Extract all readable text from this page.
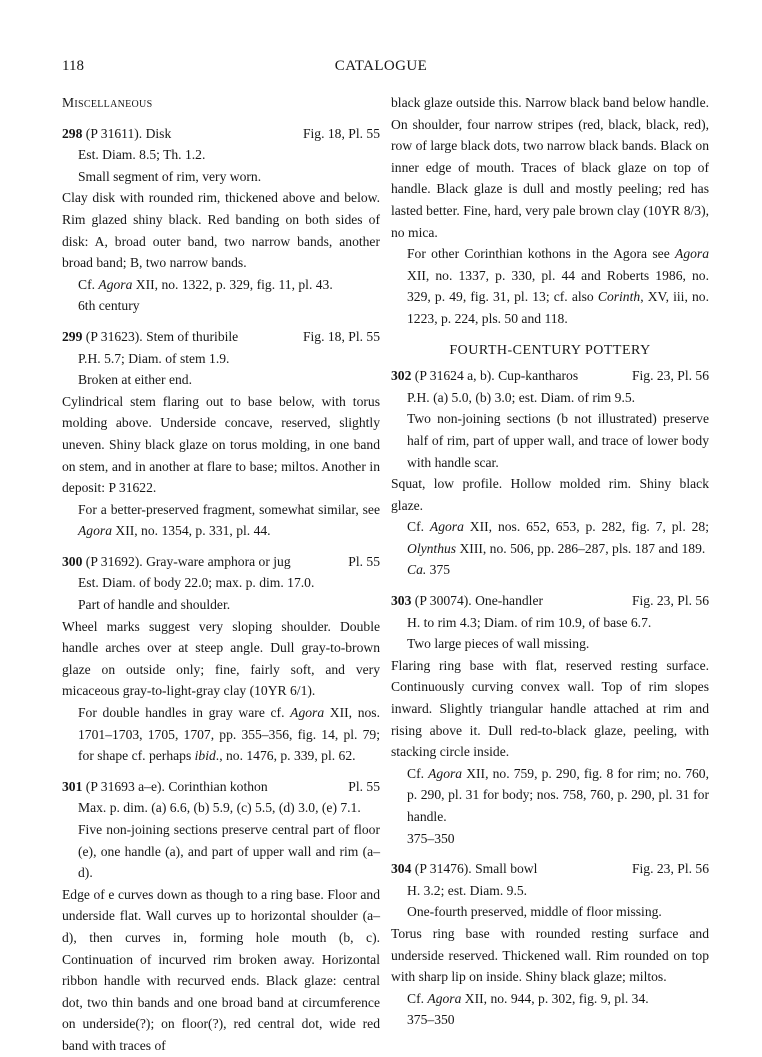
118	CATALOGUE

Miscellaneous

298 (P 31611). Disk	Fig. 18, Pl. 55

Est. Diam. 8.5; Th. 1.2.

Small segment of rim, very worn.

Clay disk with rounded rim, thickened above and below. Rim glazed shiny black. Red banding on both sides of disk: A, broad outer band, two narrow bands, another broad band; B, two narrow bands.

Cf. Agora XII, no. 1322, p. 329, fig. 11, pl. 43.

6th century

299 (P 31623). Stem of thuribile	Fig. 18, Pl. 55

P.H. 5.7; Diam. of stem 1.9.

Broken at either end.

Cylindrical stem flaring out to base below, with torus molding above. Underside concave, reserved, slightly uneven. Shiny black glaze on torus molding, in one band on stem, and in another at flare to base; miltos. Another in deposit: P 31622.

For a better-preserved fragment, somewhat similar, see Agora XII, no. 1354, p. 331, pl. 44.

300 (P 31692). Gray-ware amphora or jug	Pl. 55

Est. Diam. of body 22.0; max. p. dim. 17.0.

Part of handle and shoulder.

Wheel marks suggest very sloping shoulder. Double handle arches over at steep angle. Dull gray-to-brown glaze on outside only; fine, fairly soft, and very micaceous gray-to-light-gray clay (10YR 6/1).

For double handles in gray ware cf. Agora XII, nos. 1701–1703, 1705, 1707, pp. 355–356, fig. 14, pl. 79; for shape cf. perhaps ibid., no. 1476, p. 339, pl. 62.

301 (P 31693 a–e). Corinthian kothon	Pl. 55

Max. p. dim. (a) 6.6, (b) 5.9, (c) 5.5, (d) 3.0, (e) 7.1.

Five non-joining sections preserve central part of floor (e), one handle (a), and part of upper wall and rim (a–d).

Edge of e curves down as though to a ring base. Floor and underside flat. Wall curves up to horizontal shoulder (a–d), then curves in, forming hole mouth (b, c). Continuation of incurved rim broken away. Horizontal ribbon handle with recurved ends. Black glaze: central dot, two thin bands and one broad band at circumference on underside(?); on floor(?), red central dot, wide red band with traces of

black glaze outside this. Narrow black band below handle. On shoulder, four narrow stripes (red, black, black, red), row of large black dots, two narrow black bands. Black on inner edge of mouth. Traces of black glaze on top of handle. Black glaze is dull and mostly peeling; red has lasted better. Fine, hard, very pale brown clay (10YR 8/3), no mica.

For other Corinthian kothons in the Agora see Agora XII, no. 1337, p. 330, pl. 44 and Roberts 1986, no. 329, p. 49, fig. 31, pl. 13; cf. also Corinth, XV, iii, no. 1223, p. 224, pls. 50 and 118.

FOURTH-CENTURY POTTERY

302 (P 31624 a, b). Cup-kantharos	Fig. 23, Pl. 56

P.H. (a) 5.0, (b) 3.0; est. Diam. of rim 9.5.

Two non-joining sections (b not illustrated) preserve half of rim, part of upper wall, and trace of lower body with handle scar.

Squat, low profile. Hollow molded rim. Shiny black glaze.

Cf. Agora XII, nos. 652, 653, p. 282, fig. 7, pl. 28; Olynthus XIII, no. 506, pp. 286–287, pls. 187 and 189.

Ca. 375

303 (P 30074). One-handler	Fig. 23, Pl. 56

H. to rim 4.3; Diam. of rim 10.9, of base 6.7.

Two large pieces of wall missing.

Flaring ring base with flat, reserved resting surface. Continuously curving convex wall. Top of rim slopes inward. Slightly triangular handle attached at rim and rising above it. Dull red-to-black glaze, peeling, with stacking circle inside.

Cf. Agora XII, no. 759, p. 290, fig. 8 for rim; no. 760, p. 290, pl. 31 for body; nos. 758, 760, p. 290, pl. 31 for handle.

375–350

304 (P 31476). Small bowl	Fig. 23, Pl. 56

H. 3.2; est. Diam. 9.5.

One-fourth preserved, middle of floor missing.

Torus ring base with rounded resting surface and underside reserved. Thickened wall. Rim rounded on top with sharp lip on inside. Shiny black glaze; miltos.

Cf. Agora XII, no. 944, p. 302, fig. 9, pl. 34.

375–350
